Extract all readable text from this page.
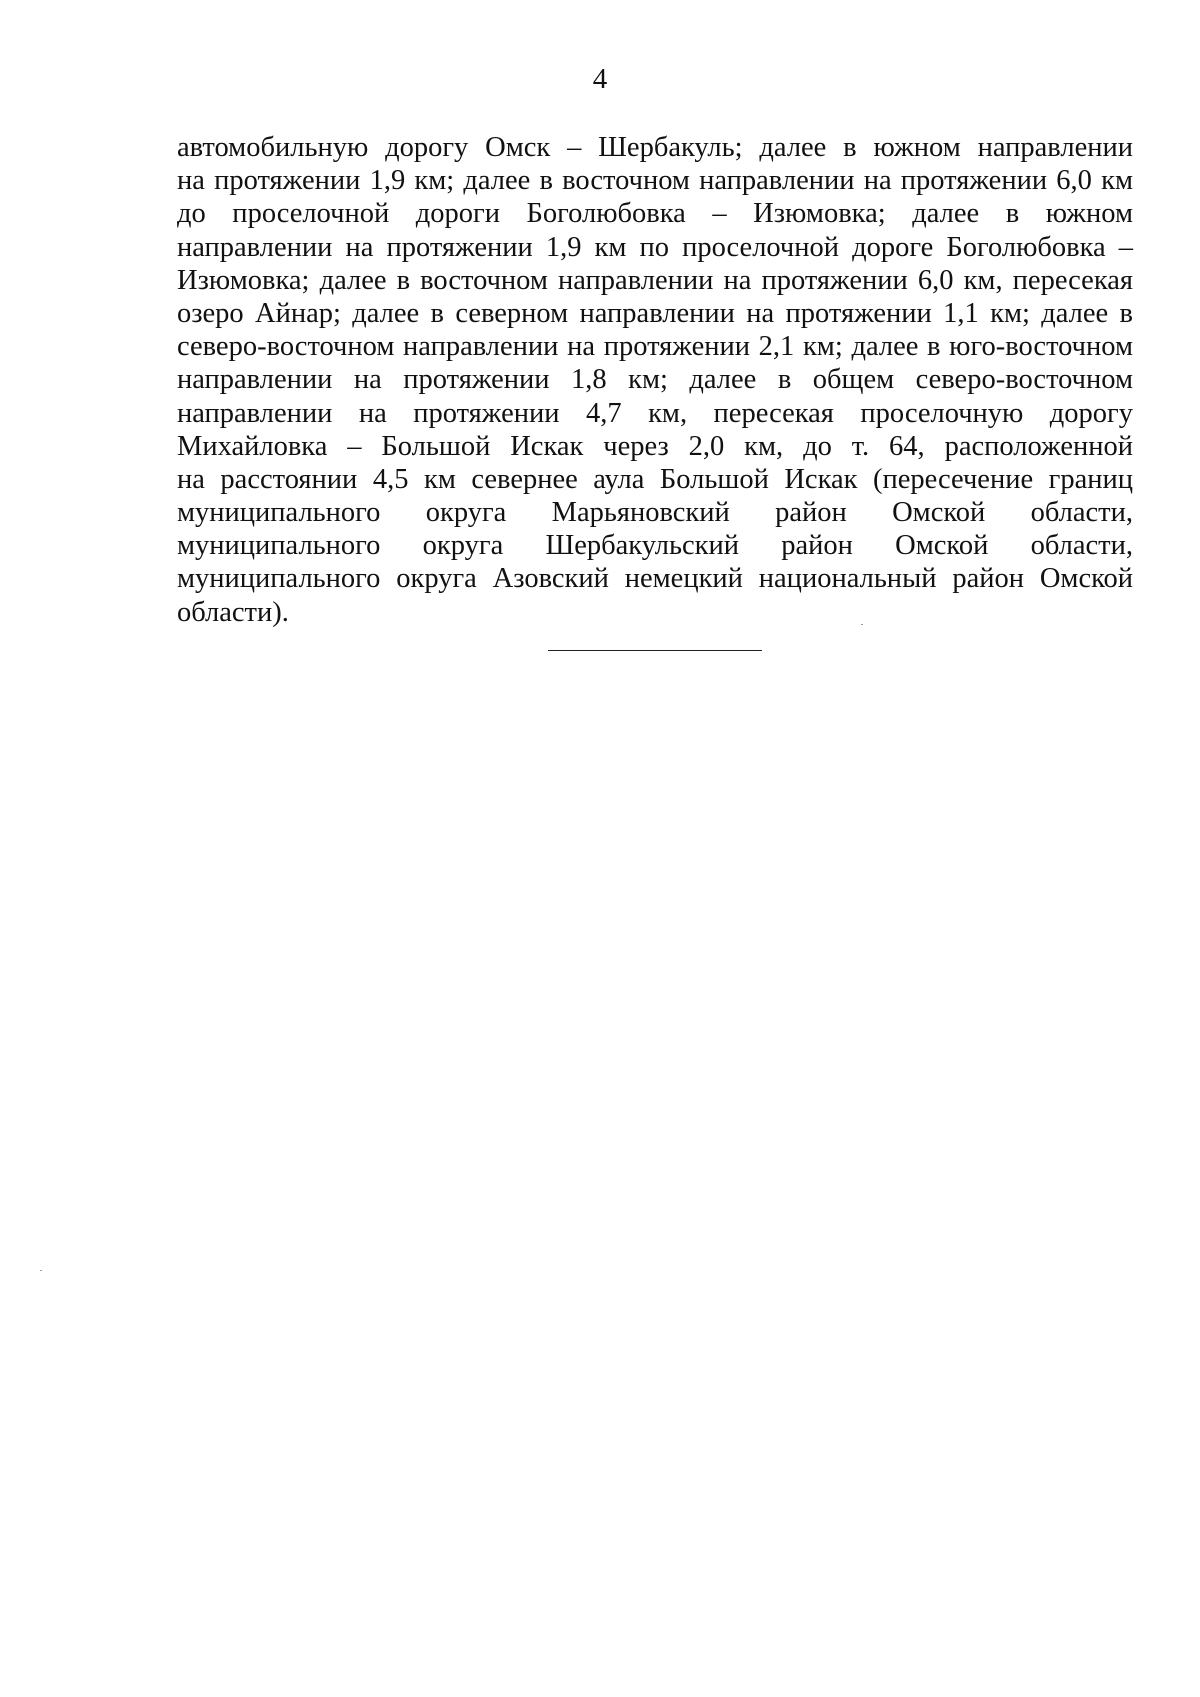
4
автомобильную дорогу Омск – Шербакуль; далее в южном направлении
на протяжении 1,9 км; далее в восточном направлении на протяжении 6,0 км
до проселочной дороги Боголюбовка – Изюмовка; далее в южном
направлении на протяжении 1,9 км по проселочной дороге Боголюбовка –
Изюмовка; далее в восточном направлении на протяжении 6,0 км, пересекая
озеро Айнар; далее в северном направлении на протяжении 1,1 км; далее в
северо-восточном направлении на протяжении 2,1 км; далее в юго-восточном
направлении на протяжении 1,8 км; далее в общем северо-восточном
направлении на протяжении 4,7 км, пересекая проселочную дорогу
Михайловка – Большой Искак через 2,0 км, до т. 64, расположенной
на расстоянии 4,5 км севернее аула Большой Искак (пересечение границ
муниципального округа Марьяновский район Омской области,
муниципального округа Шербакульский район Омской области,
муниципального округа Азовский немецкий национальный район Омской
области).
